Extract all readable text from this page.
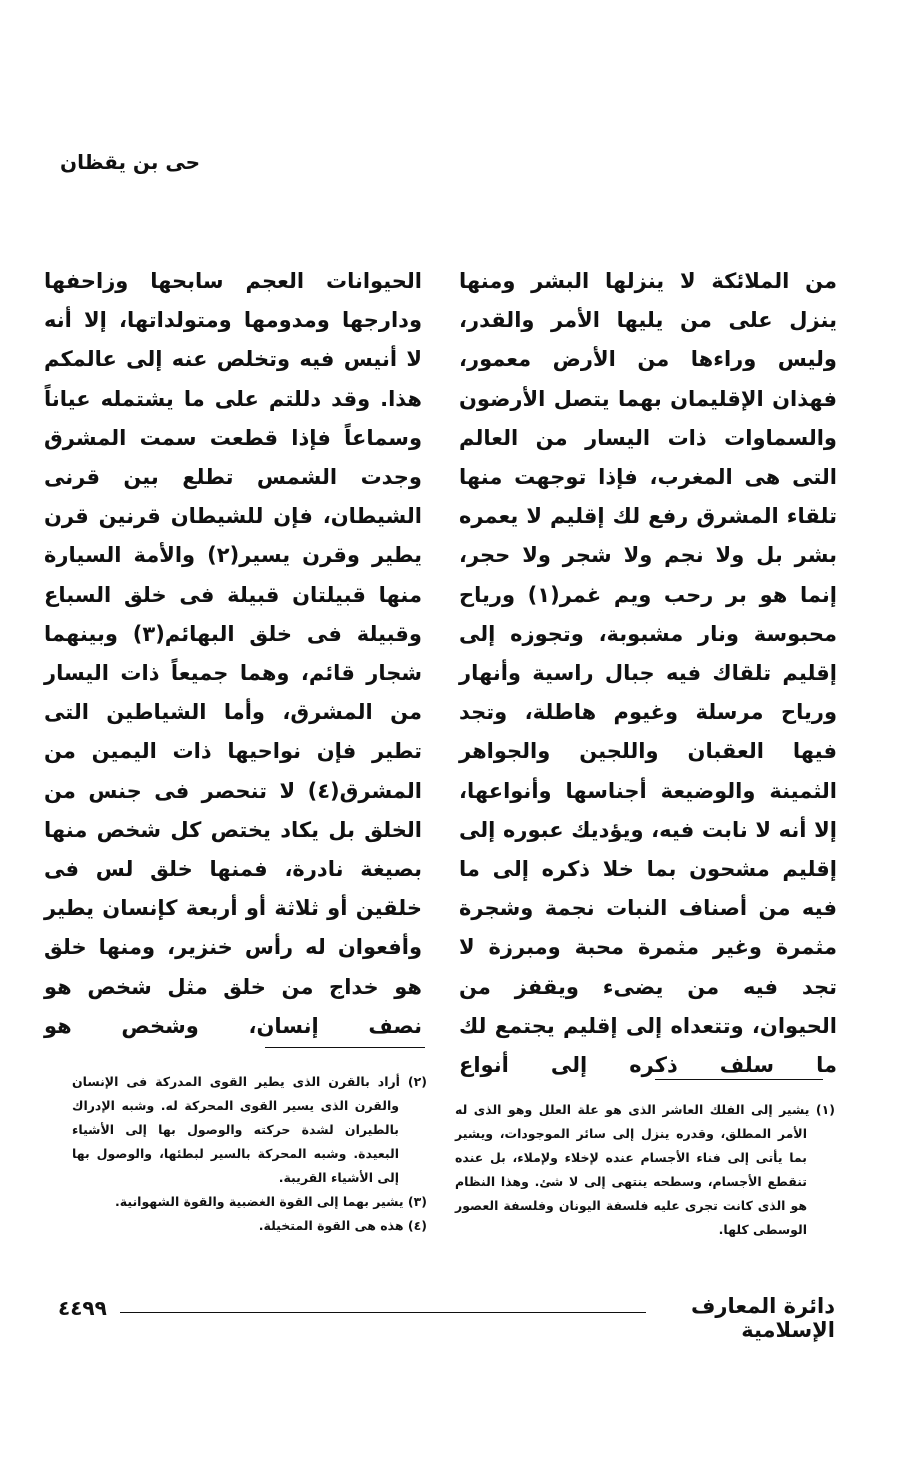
حى بن يقظان

من الملائكة لا ينزلها البشر ومنها ينزل على من يليها الأمر والقدر، وليس وراءها من الأرض معمور، فهذان الإقليمان بهما يتصل الأرضون والسماوات ذات اليسار من العالم التى هى المغرب، فإذا توجهت منها تلقاء المشرق رفع لك إقليم لا يعمره بشر بل ولا نجم ولا شجر ولا حجر، إنما هو بر رحب ويم غمر(١) ورياح محبوسة ونار مشبوبة، وتجوزه إلى إقليم تلقاك فيه جبال راسية وأنهار ورياح مرسلة وغيوم هاطلة، وتجد فيها العقبان واللجين والجواهر الثمينة والوضيعة أجناسها وأنواعها، إلا أنه لا نابت فيه، ويؤديك عبوره إلى إقليم مشحون بما خلا ذكره إلى ما فيه من أصناف النبات نجمة وشجرة مثمرة وغير مثمرة محبة ومبرزة لا تجد فيه من يضىء ويقفز من الحيوان، وتتعداه إلى إقليم يجتمع لك ما سلف ذكره إلى أنواع

الحيوانات العجم سابحها وزاحفها ودارجها ومدومها ومتولداتها، إلا أنه لا أنيس فيه وتخلص عنه إلى عالمكم هذا. وقد دللتم على ما يشتمله عياناً وسماعاً فإذا قطعت سمت المشرق وجدت الشمس تطلع بين قرنى الشيطان، فإن للشيطان قرنين قرن يطير وقرن يسير(٢) والأمة السيارة منها قبيلتان قبيلة فى خلق السباع وقبيلة فى خلق البهائم(٣) وبينهما شجار قائم، وهما جميعاً ذات اليسار من المشرق، وأما الشياطين التى تطير فإن نواحيها ذات اليمين من المشرق(٤) لا تنحصر فى جنس من الخلق بل يكاد يختص كل شخص منها بصيغة نادرة، فمنها خلق لس فى خلقين أو ثلاثة أو أربعة كإنسان يطير وأفعوان له رأس خنزير، ومنها خلق هو خداج من خلق مثل شخص هو نصف إنسان، وشخص هو

(١) يشير إلى الفلك العاشر الذى هو علة العلل وهو الذى له الأمر المطلق، وقدره ينزل إلى سائر الموجودات، ويشير بما يأتى إلى فناء الأجسام عنده لإخلاء ولإملاء، بل عنده تنقطع الأجسام، وسطحه ينتهى إلى لا شئ. وهذا النظام هو الذى كانت تجرى عليه فلسفة اليونان وفلسفة العصور الوسطى كلها.

(٢) أراد بالقرن الذى يطير القوى المدركة فى الإنسان والقرن الذى يسير القوى المحركة له. وشبه الإدراك بالطيران لشدة حركته والوصول بها إلى الأشياء البعيدة. وشبه المحركة بالسير لبطئها، والوصول بها إلى الأشياء القريبة.

(٣) يشير بهما إلى القوة الغضبية والقوة الشهوانية.

(٤) هذه هى القوة المتخيلة.

دائرة المعارف الإسلامية
٤٤٩٩
